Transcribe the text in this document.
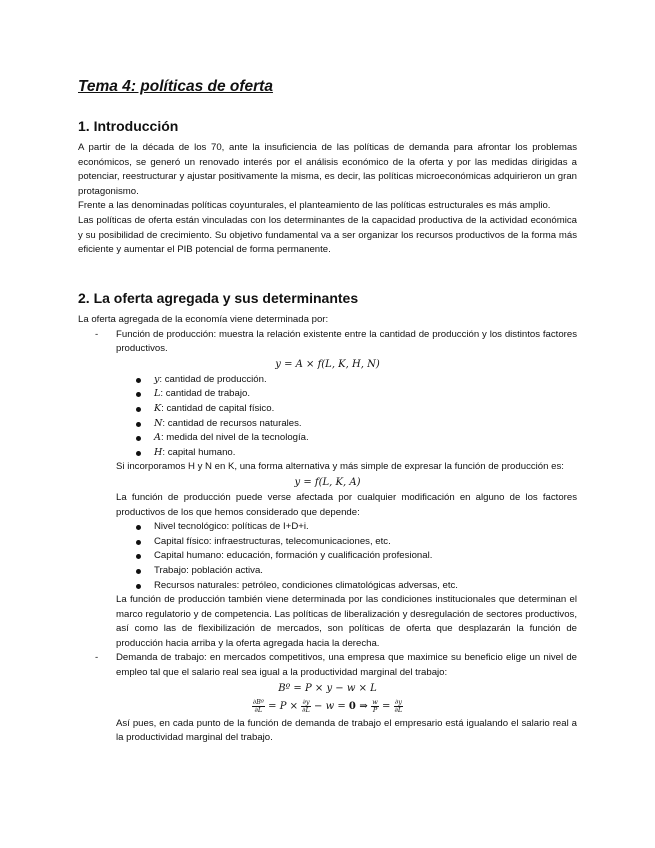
Tema 4: políticas de oferta
1. Introducción

A partir de la década de los 70, ante la insuficiencia de las políticas de demanda para afrontar los problemas económicos, se generó un renovado interés por el análisis económico de la oferta y por las medidas dirigidas a potenciar, reestructurar y ajustar positivamente la misma, es decir, las políticas microeconómicas adquirieron un gran protagonismo.

Frente a las denominadas políticas coyunturales, el planteamiento de las políticas estructurales es más amplio.

Las políticas de oferta están vinculadas con los determinantes de la capacidad productiva de la actividad económica y su posibilidad de crecimiento. Su objetivo fundamental va a ser organizar los recursos productivos de la forma más eficiente y aumentar el PIB potencial de forma permanente.

2. La oferta agregada y sus determinantes

La oferta agregada de la economía viene determinada por:

- Función de producción: muestra la relación existente entre la cantidad de producción y los distintos factores productivos.

y = A × f(L, K, H, N)
y: cantidad de producción.
L: cantidad de trabajo.
K: cantidad de capital físico.
N: cantidad de recursos naturales.
A: medida del nivel de la tecnología.
H: capital humano.

Si incorporamos H y N en K, una forma alternativa y más simple de expresar la función de producción es:

y = f(L, K, A)

La función de producción puede verse afectada por cualquier modificación en alguno de los factores productivos de los que hemos considerado que depende:

Nivel tecnológico: políticas de I+D+i.
Capital físico: infraestructuras, telecomunicaciones, etc.
Capital humano: educación, formación y cualificación profesional.
Trabajo: población activa.
Recursos naturales: petróleo, condiciones climatológicas adversas, etc.

La función de producción también viene determinada por las condiciones institucionales que determinan el marco regulatorio y de competencia. Las políticas de liberalización y desregulación de sectores productivos, así como las de flexibilización de mercados, son políticas de oferta que desplazarán la función de producción hacia arriba y la oferta agregada hacia la derecha.

- Demanda de trabajo: en mercados competitivos, una empresa que maximice su beneficio elige un nivel de empleo tal que el salario real sea igual a la productividad marginal del trabajo:

Bº = P × y − w × L
$\frac{\text{∂Bº}}{\partial L} = P \times \frac{\partial y}{\partial L} - w = 0$ ⇒ $\frac{w}{P} = \frac{\partial y}{\partial L}$

Así pues, en cada punto de la función de demanda de trabajo el empresario está igualando el salario real a la productividad marginal del trabajo.
